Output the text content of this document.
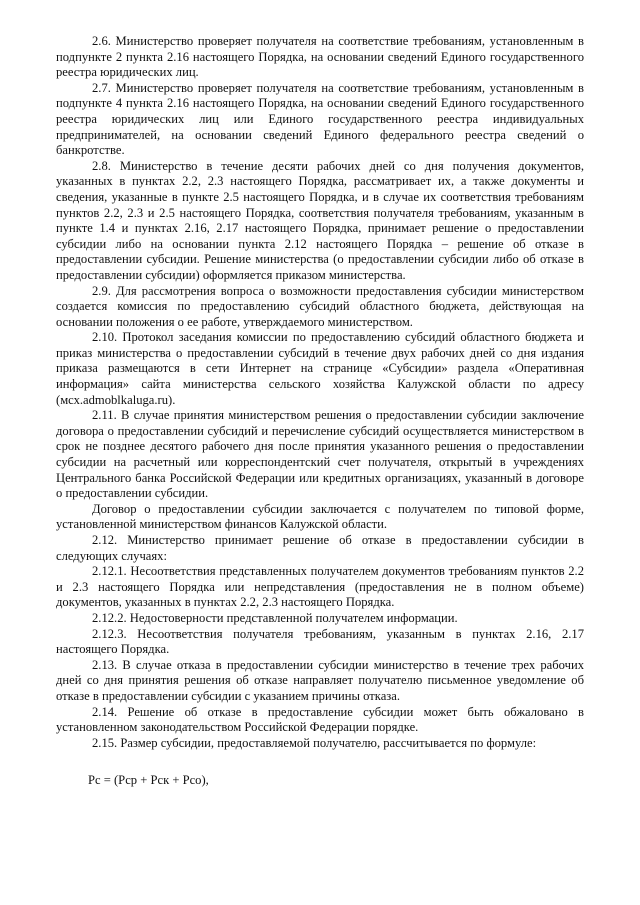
2.6. Министерство проверяет получателя на соответствие требованиям, установленным в подпункте 2 пункта 2.16 настоящего Порядка, на основании сведений Единого государственного реестра юридических лиц.

2.7. Министерство проверяет получателя на соответствие требованиям, установленным в подпункте 4 пункта 2.16 настоящего Порядка, на основании сведений Единого государственного реестра юридических лиц или Единого государственного реестра индивидуальных предпринимателей, на основании сведений Единого федерального реестра сведений о банкротстве.

2.8. Министерство в течение десяти рабочих дней со дня получения документов, указанных в пунктах 2.2, 2.3 настоящего Порядка, рассматривает их, а также документы и сведения, указанные в пункте 2.5 настоящего Порядка, и в случае их соответствия требованиям пунктов 2.2, 2.3 и 2.5 настоящего Порядка, соответствия получателя требованиям, указанным в пункте 1.4 и пунктах 2.16, 2.17 настоящего Порядка, принимает решение о предоставлении субсидии либо на основании пункта 2.12 настоящего Порядка – решение об отказе в предоставлении субсидии. Решение министерства (о предоставлении субсидии либо об отказе в предоставлении субсидии) оформляется приказом министерства.

2.9. Для рассмотрения вопроса о возможности предоставления субсидии министерством создается комиссия по предоставлению субсидий областного бюджета, действующая на основании положения о ее работе, утверждаемого министерством.

2.10. Протокол заседания комиссии по предоставлению субсидий областного бюджета и приказ министерства о предоставлении субсидий в течение двух рабочих дней со дня издания приказа размещаются в сети Интернет на странице «Субсидии» раздела «Оперативная информация» сайта министерства сельского хозяйства Калужской области по адресу (мсх.admoblkaluga.ru).

2.11. В случае принятия министерством решения о предоставлении субсидии заключение договора о предоставлении субсидий и перечисление субсидий осуществляется министерством в срок не позднее десятого рабочего дня после принятия указанного решения о предоставлении субсидии на расчетный или корреспондентский счет получателя, открытый в учреждениях Центрального банка Российской Федерации или кредитных организациях, указанный в договоре о предоставлении субсидии.

Договор о предоставлении субсидии заключается с получателем по типовой форме, установленной министерством финансов Калужской области.

2.12. Министерство принимает решение об отказе в предоставлении субсидии в следующих случаях:

2.12.1. Несоответствия представленных получателем документов требованиям пунктов 2.2 и 2.3 настоящего Порядка или непредставления (предоставления не в полном объеме) документов, указанных в пунктах 2.2, 2.3 настоящего Порядка.

2.12.2. Недостоверности представленной получателем информации.

2.12.3. Несоответствия получателя требованиям, указанным в пунктах 2.16, 2.17 настоящего Порядка.

2.13. В случае отказа в предоставлении субсидии министерство в течение трех рабочих дней со дня принятия решения об отказе направляет получателю письменное уведомление об отказе в предоставлении субсидии с указанием причины отказа.

2.14. Решение об отказе в предоставление субсидии может быть обжаловано в установленном законодательством Российской Федерации порядке.

2.15. Размер субсидии, предоставляемой получателю, рассчитывается по формуле:

Рс = (Рср + Рск + Рсо),
